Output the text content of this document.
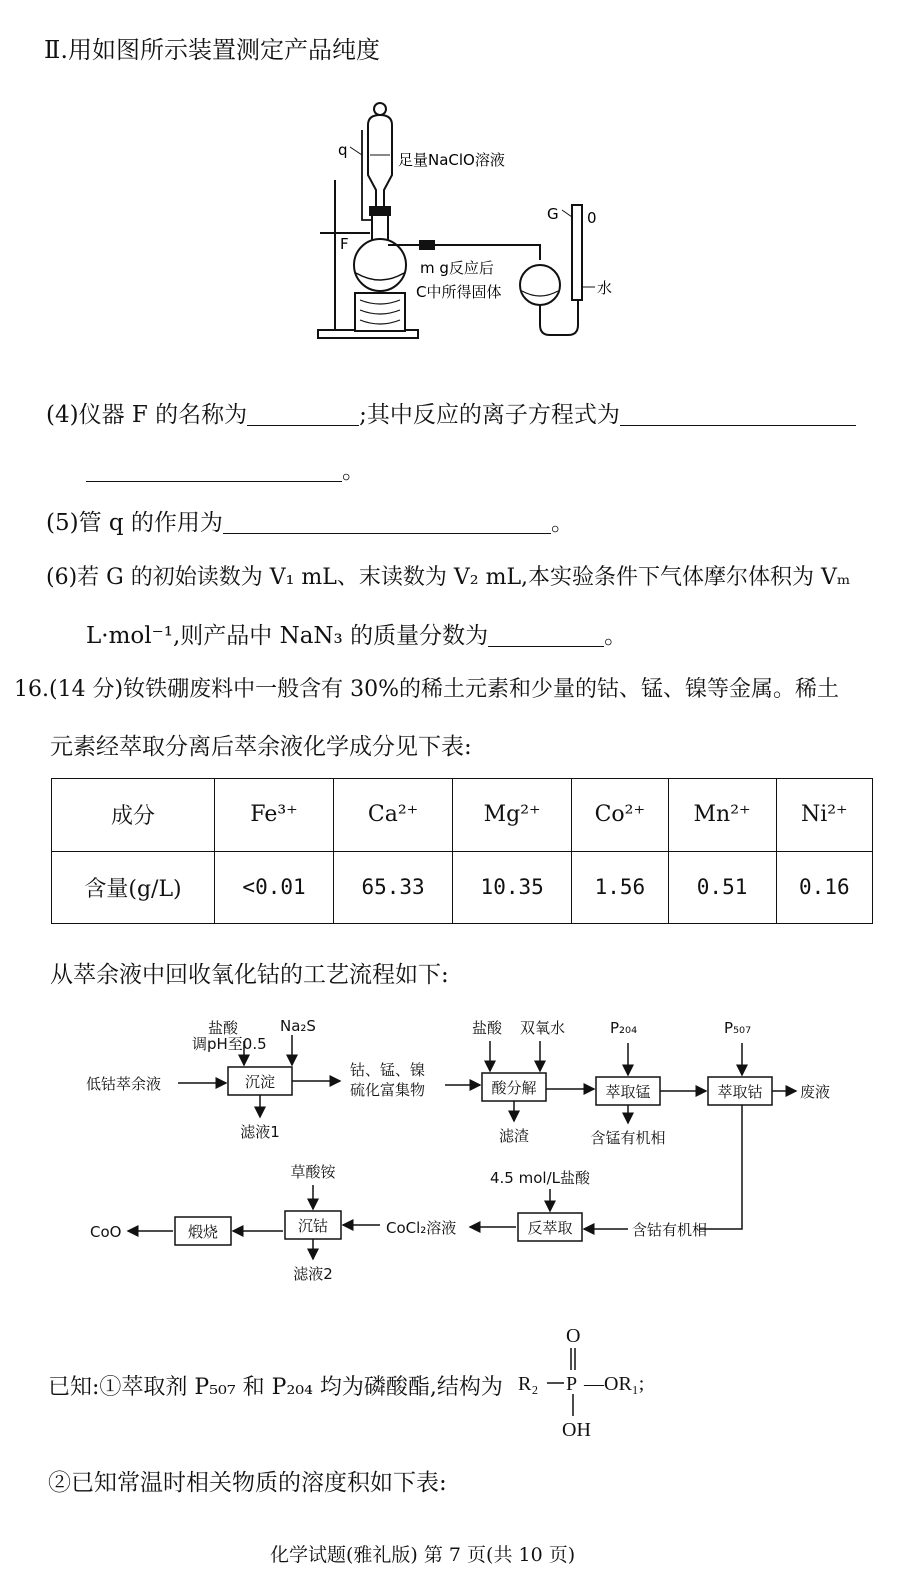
Ⅱ.用如图所示装置测定产品纯度
q
足量NaClO溶液
F
m g反应后
C中所得固体
G 0
水
(4)仪器 F 的名称为	;其中反应的离子方程式为
。
(5)管 q 的作用为	。
(6)若 G 的初始读数为 V₁ mL、末读数为 V₂ mL,本实验条件下气体摩尔体积为 Vₘ
L·mol⁻¹,则产品中 NaN₃ 的质量分数为	。
16.(14 分)钕铁硼废料中一般含有 30%的稀土元素和少量的钴、锰、镍等金属。稀土
元素经萃取分离后萃余液化学成分见下表:
成分	Fe³⁺	Ca²⁺	Mg²⁺	Co²⁺	Mn²⁺	Ni²⁺
含量(g/L)	<0.01	65.33	10.35	1.56	0.51	0.16
从萃余液中回收氧化钴的工艺流程如下:
盐酸
调pH至0.5
Na₂S
低钴萃余液	沉淀
滤液1
钴、锰、镍
硫化富集物
盐酸 双氧水
酸分解
滤渣
P₂₀₄
萃取锰
含锰有机相
P₅₀₇
萃取钴 废液
含钴有机相
4.5 mol/L盐酸
反萃取
CoCl₂溶液
草酸铵
沉钴
滤液2
煅烧
CoO
已知:①萃取剂 P₅₀₇ 和 P₂₀₄ 均为磷酸酯,结构为
O
R₂ P —OR₁;
OH
②已知常温时相关物质的溶度积如下表:
化学试题(雅礼版) 第 7 页(共 10 页)
